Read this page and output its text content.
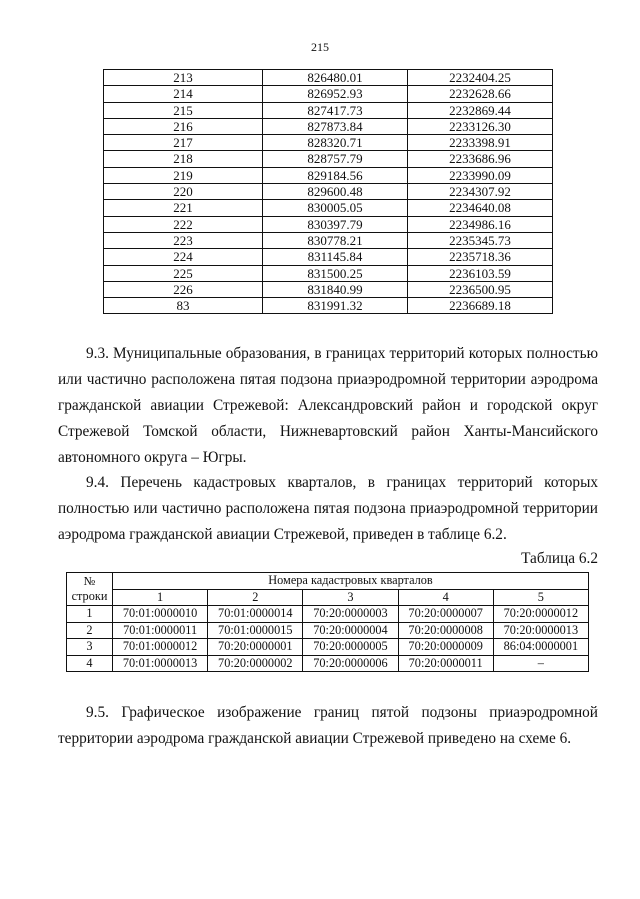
215
213	826480.01	2232404.25
214	826952.93	2232628.66
215	827417.73	2232869.44
216	827873.84	2233126.30
217	828320.71	2233398.91
218	828757.79	2233686.96
219	829184.56	2233990.09
220	829600.48	2234307.92
221	830005.05	2234640.08
222	830397.79	2234986.16
223	830778.21	2235345.73
224	831145.84	2235718.36
225	831500.25	2236103.59
226	831840.99	2236500.95
83	831991.32	2236689.18
9.3. Муниципальные образования, в границах территорий которых полностью
или частично расположена пятая подзона приаэродромной территории аэродрома
гражданской авиации Стрежевой: Александровский район и городской округ
Стрежевой Томской области, Нижневартовский район Ханты-Мансийского
автономного округа – Югры.
9.4. Перечень кадастровых кварталов, в границах территорий которых
полностью или частично расположена пятая подзона приаэродромной территории
аэродрома гражданской авиации Стрежевой, приведен в таблице 6.2.
Таблица 6.2
№
строки	Номера кадастровых кварталов				
	1	2	3	4	5
1	70:01:0000010	70:01:0000014	70:20:0000003	70:20:0000007	70:20:0000012
2	70:01:0000011	70:01:0000015	70:20:0000004	70:20:0000008	70:20:0000013
3	70:01:0000012	70:20:0000001	70:20:0000005	70:20:0000009	86:04:0000001
4	70:01:0000013	70:20:0000002	70:20:0000006	70:20:0000011	–
9.5. Графическое изображение границ пятой подзоны приаэродромной
территории аэродрома гражданской авиации Стрежевой приведено на схеме 6.
